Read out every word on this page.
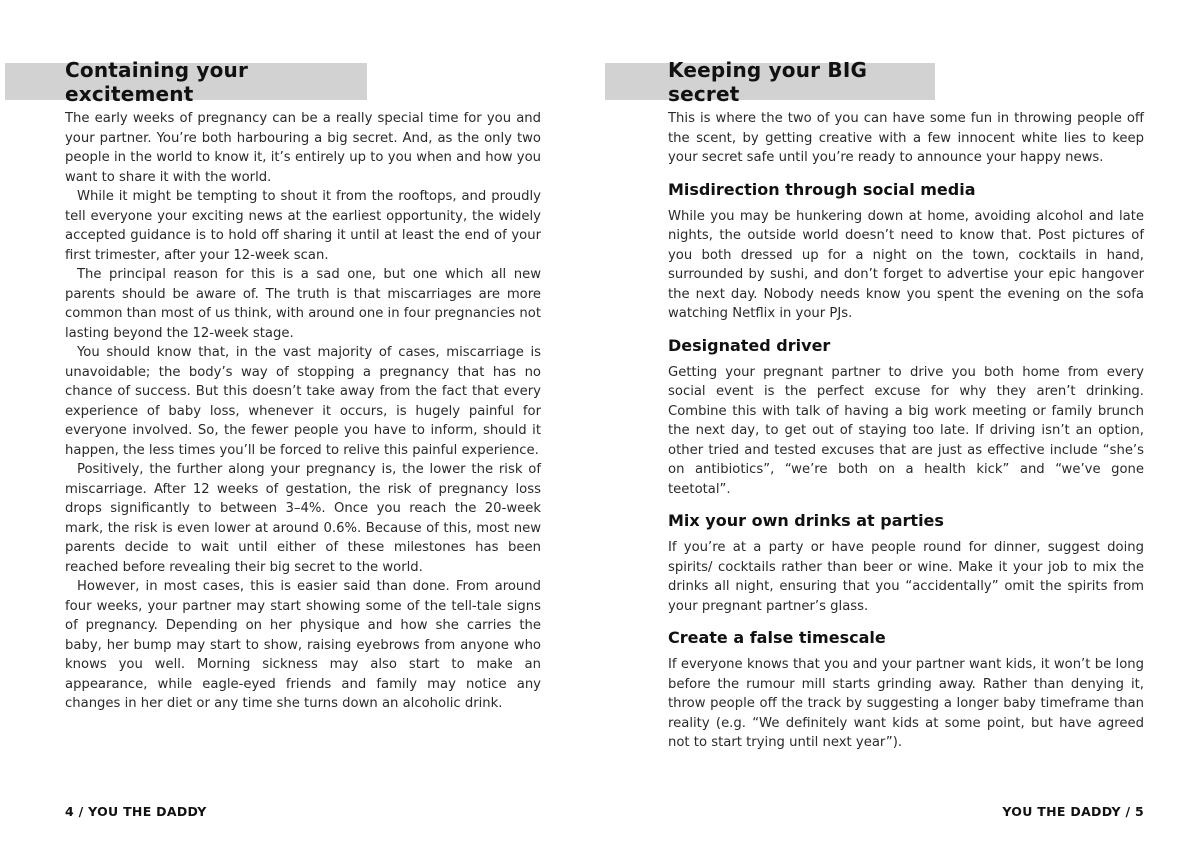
Containing your excitement

The early weeks of pregnancy can be a really special time for you and your partner. You’re both harbouring a big secret. And, as the only two people in the world to know it, it’s entirely up to you when and how you want to share it with the world.

While it might be tempting to shout it from the rooftops, and proudly tell everyone your exciting news at the earliest opportunity, the widely accepted guidance is to hold off sharing it until at least the end of your first trimester, after your 12-week scan.

The principal reason for this is a sad one, but one which all new parents should be aware of. The truth is that miscarriages are more common than most of us think, with around one in four pregnancies not lasting beyond the 12-week stage.

You should know that, in the vast majority of cases, miscarriage is unavoidable; the body’s way of stopping a pregnancy that has no chance of success. But this doesn’t take away from the fact that every experience of baby loss, whenever it occurs, is hugely painful for everyone involved. So, the fewer people you have to inform, should it happen, the less times you’ll be forced to relive this painful experience.

Positively, the further along your pregnancy is, the lower the risk of miscarriage. After 12 weeks of gestation, the risk of pregnancy loss drops significantly to between 3–4%. Once you reach the 20-week mark, the risk is even lower at around 0.6%. Because of this, most new parents decide to wait until either of these milestones has been reached before revealing their big secret to the world.

However, in most cases, this is easier said than done. From around four weeks, your partner may start showing some of the tell-tale signs of pregnancy. Depending on her physique and how she carries the baby, her bump may start to show, raising eyebrows from anyone who knows you well. Morning sickness may also start to make an appearance, while eagle-eyed friends and family may notice any changes in her diet or any time she turns down an alcoholic drink.

4 / YOU THE DADDY
Keeping your BIG secret

This is where the two of you can have some fun in throwing people off the scent, by getting creative with a few innocent white lies to keep your secret safe until you’re ready to announce your happy news.

Misdirection through social media

While you may be hunkering down at home, avoiding alcohol and late nights, the outside world doesn’t need to know that. Post pictures of you both dressed up for a night on the town, cocktails in hand, surrounded by sushi, and don’t forget to advertise your epic hangover the next day. Nobody needs know you spent the evening on the sofa watching Netflix in your PJs.

Designated driver

Getting your pregnant partner to drive you both home from every social event is the perfect excuse for why they aren’t drinking. Combine this with talk of having a big work meeting or family brunch the next day, to get out of staying too late. If driving isn’t an option, other tried and tested excuses that are just as effective include “she’s on antibiotics”, “we’re both on a health kick” and “we’ve gone teetotal”.

Mix your own drinks at parties

If you’re at a party or have people round for dinner, suggest doing spirits/ cocktails rather than beer or wine. Make it your job to mix the drinks all night, ensuring that you “accidentally” omit the spirits from your pregnant partner’s glass.

Create a false timescale

If everyone knows that you and your partner want kids, it won’t be long before the rumour mill starts grinding away. Rather than denying it, throw people off the track by suggesting a longer baby timeframe than reality (e.g. “We definitely want kids at some point, but have agreed not to start trying until next year”).

YOU THE DADDY / 5
